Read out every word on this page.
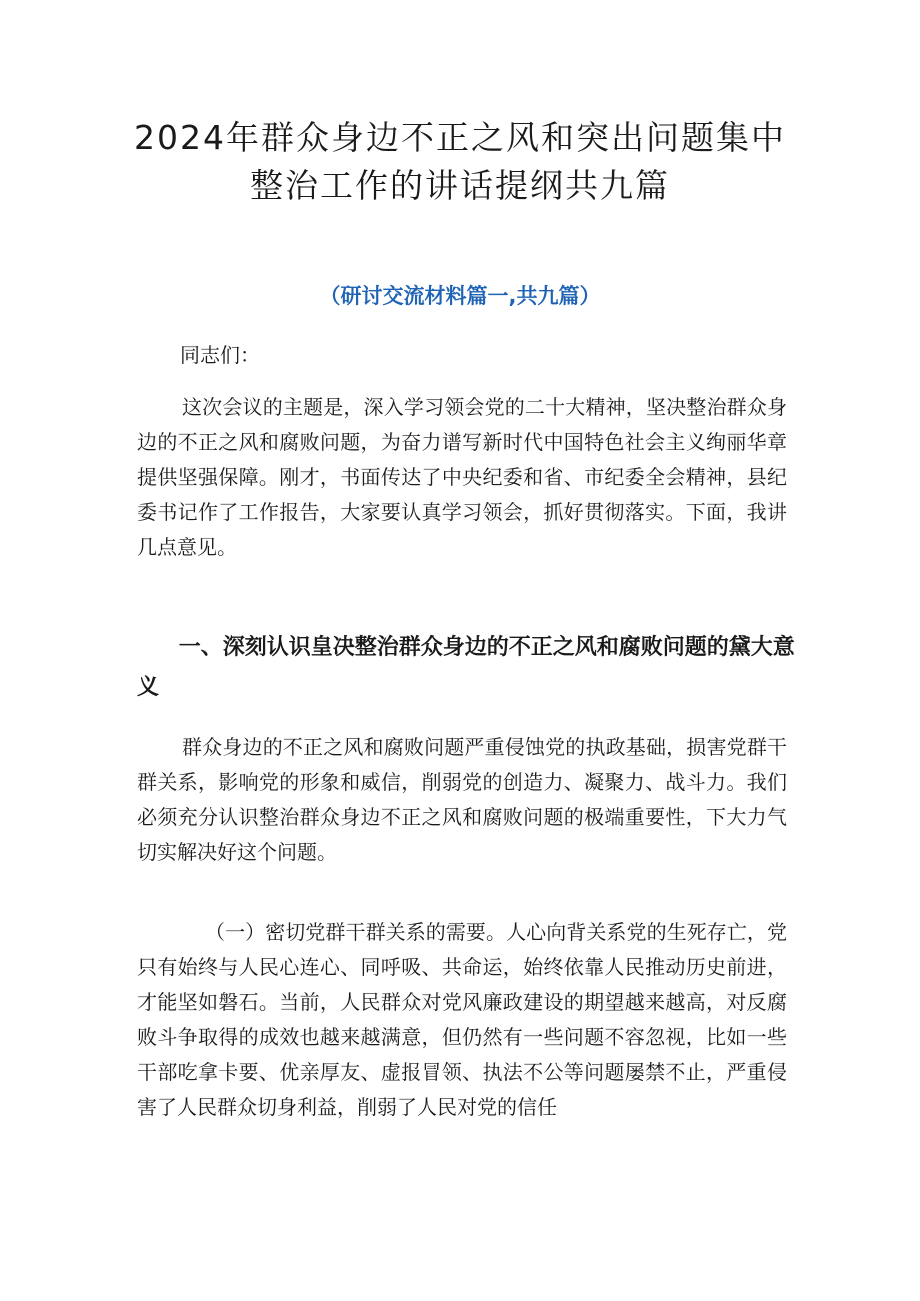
2024年群众身边不正之风和突出问题集中
整治工作的讲话提纲共九篇
（研讨交流材料篇一,共九篇）
同志们：

这次会议的主题是，深入学习领会党的二十大精神，坚决整治群众身边的不正之风和腐败问题，为奋力谱写新时代中国特色社会主义绚丽华章提供坚强保障。刚才，书面传达了中央纪委和省、市纪委全会精神，县纪委书记作了工作报告，大家要认真学习领会，抓好贯彻落实。下面，我讲几点意见。

一、深刻认识皇决整治群众身边的不正之风和腐败问题的黛大意义

群众身边的不正之风和腐败问题严重侵蚀党的执政基础，损害党群干群关系，影响党的形象和威信，削弱党的创造力、凝聚力、战斗力。我们必须充分认识整治群众身边不正之风和腐败问题的极端重要性，下大力气切实解决好这个问题。

（一）密切党群干群关系的需要。人心向背关系党的生死存亡，党只有始终与人民心连心、同呼吸、共命运，始终依靠人民推动历史前进，才能坚如磐石。当前，人民群众对党风廉政建设的期望越来越高，对反腐败斗争取得的成效也越来越满意，但仍然有一些问题不容忽视，比如一些干部吃拿卡要、优亲厚友、虚报冒领、执法不公等问题屡禁不止，严重侵害了人民群众切身利益，削弱了人民对党的信任
